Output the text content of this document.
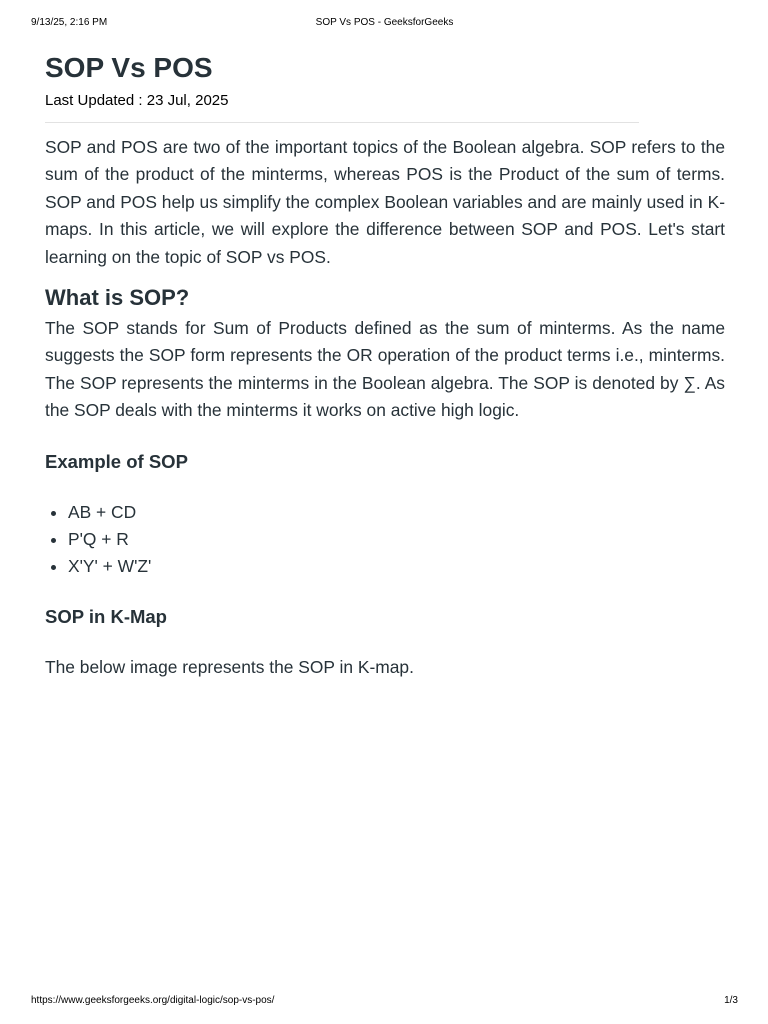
9/13/25, 2:16 PM	SOP Vs POS - GeeksforGeeks
SOP Vs POS
Last Updated : 23 Jul, 2025

SOP and POS are two of the important topics of the Boolean algebra. SOP refers to the sum of the product of the minterms, whereas POS is the Product of the sum of terms. SOP and POS help us simplify the complex Boolean variables and are mainly used in K-maps. In this article, we will explore the difference between SOP and POS. Let's start learning on the topic of SOP vs POS.

What is SOP?

The SOP stands for Sum of Products defined as the sum of minterms. As the name suggests the SOP form represents the OR operation of the product terms i.e., minterms. The SOP represents the minterms in the Boolean algebra. The SOP is denoted by ∑. As the SOP deals with the minterms it works on active high logic.

Example of SOP
• AB + CD
• P'Q + R
• X'Y' + W'Z'
SOP in K-Map

The below image represents the SOP in K-map.

https://www.geeksforgeeks.org/digital-logic/sop-vs-pos/	1/3
